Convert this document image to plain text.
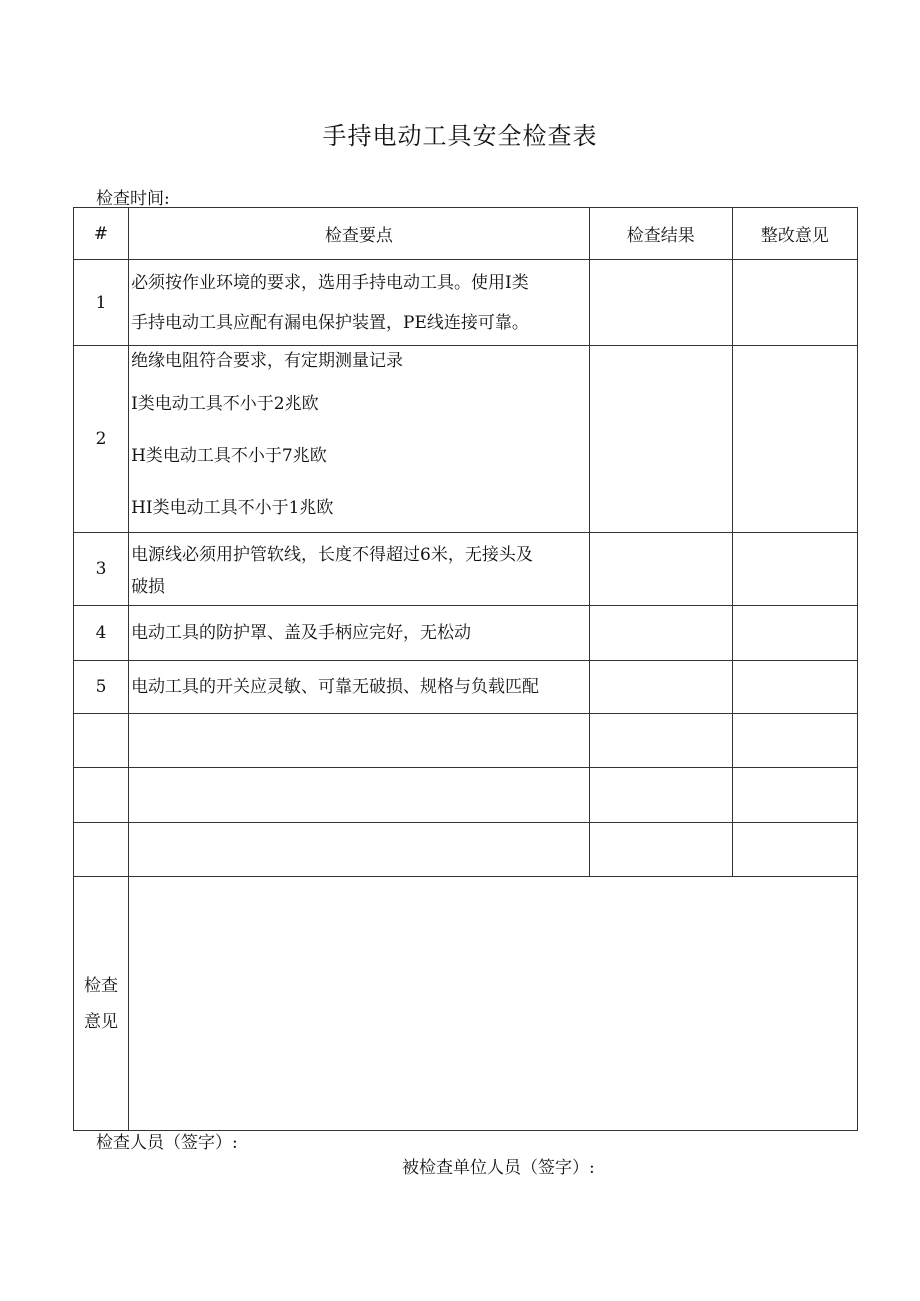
手持电动工具安全检查表
检查时间:
#	检查要点	检查结果	整改意见
1	必须按作业环境的要求，选用手持电动工具。使用I类
手持电动工具应配有漏电保护装置，PE线连接可靠。		

2	绝缘电阻符合要求，有定期测量记录
I类电动工具不小于2兆欧
H类电动工具不小于7兆欧
HI类电动工具不小于1兆欧		

3	电源线必须用护管软线，长度不得超过6米，无接头及
破损		

4	电动工具的防护罩、盖及手柄应完好，无松动		

5	电动工具的开关应灵敏、可靠无破损、规格与负载匹配		

检查
意见			

检查人员（签字）:
被检查单位人员（签字）:
